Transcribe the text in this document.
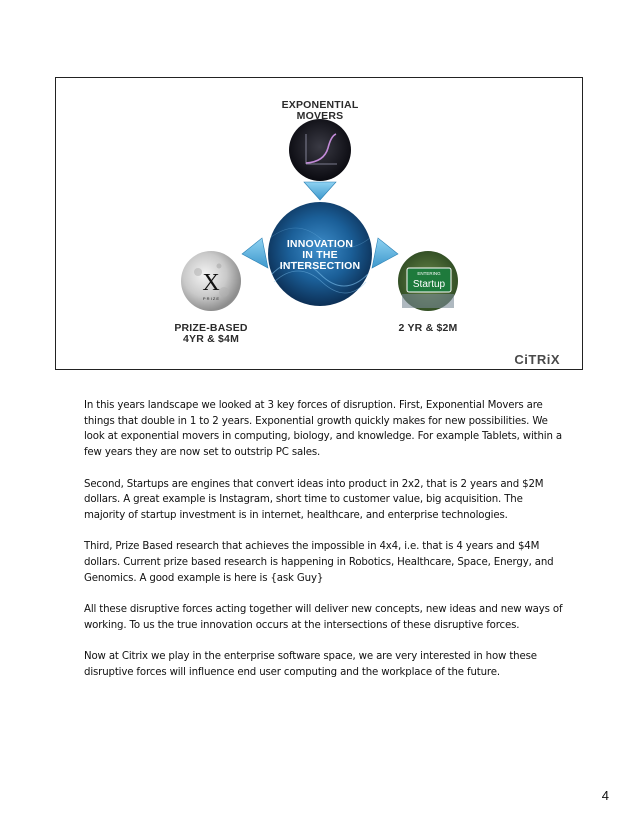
X
P R I Z E
ENTERING
Startup
CiTRiX
EXPONENTIAL
MOVERS
INNOVATION
IN THE
INTERSECTION
PRIZE-BASED
4YR & $4M
2 YR & $2M

In this years landscape we looked at 3 key forces of disruption. First, Exponential Movers are things that double in 1 to 2 years. Exponential growth quickly makes for new possibilities. We look at exponential movers in computing, biology, and knowledge. For example Tablets, within a few years they are now set to outstrip PC sales.

Second, Startups are engines that convert ideas into product in 2x2, that is 2 years and $2M dollars. A great example is Instagram, short time to customer value, big acquisition. The majority of startup investment is in internet, healthcare, and enterprise technologies.

Third, Prize Based research that achieves the impossible in 4x4, i.e. that is 4 years and $4M dollars. Current prize based research is happening in Robotics, Healthcare, Space, Energy, and Genomics. A good example is here is {ask Guy}

All these disruptive forces acting together will deliver new concepts, new ideas and new ways of working. To us the true innovation occurs at the intersections of these disruptive forces.

Now at Citrix we play in the enterprise software space, we are very interested in how these disruptive forces will influence end user computing and the workplace of the future.

4
